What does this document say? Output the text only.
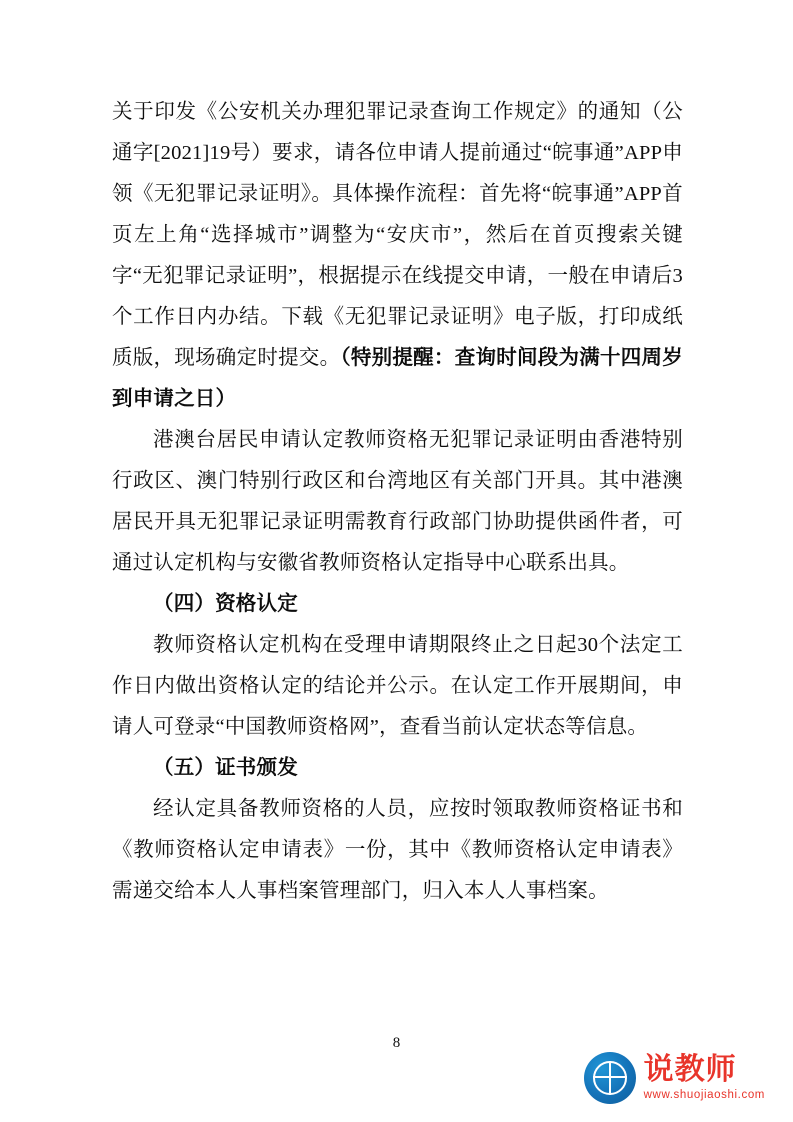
关于印发《公安机关办理犯罪记录查询工作规定》的通知（公通字[2021]19号）要求，请各位申请人提前通过“皖事通”APP申领《无犯罪记录证明》。具体操作流程：首先将“皖事通”APP首页左上角“选择城市”调整为“安庆市”，然后在首页搜索关键字“无犯罪记录证明”，根据提示在线提交申请，一般在申请后3个工作日内办结。下载《无犯罪记录证明》电子版，打印成纸质版，现场确定时提交。（特别提醒：查询时间段为满十四周岁到申请之日）

港澳台居民申请认定教师资格无犯罪记录证明由香港特别行政区、澳门特别行政区和台湾地区有关部门开具。其中港澳居民开具无犯罪记录证明需教育行政部门协助提供函件者，可通过认定机构与安徽省教师资格认定指导中心联系出具。

（四）资格认定

教师资格认定机构在受理申请期限终止之日起30个法定工作日内做出资格认定的结论并公示。在认定工作开展期间，申请人可登录“中国教师资格网”，查看当前认定状态等信息。

（五）证书颁发

经认定具备教师资格的人员，应按时领取教师资格证书和《教师资格认定申请表》一份，其中《教师资格认定申请表》需递交给本人人事档案管理部门，归入本人人事档案。

8
说教师
www.shuojiaoshi.com
